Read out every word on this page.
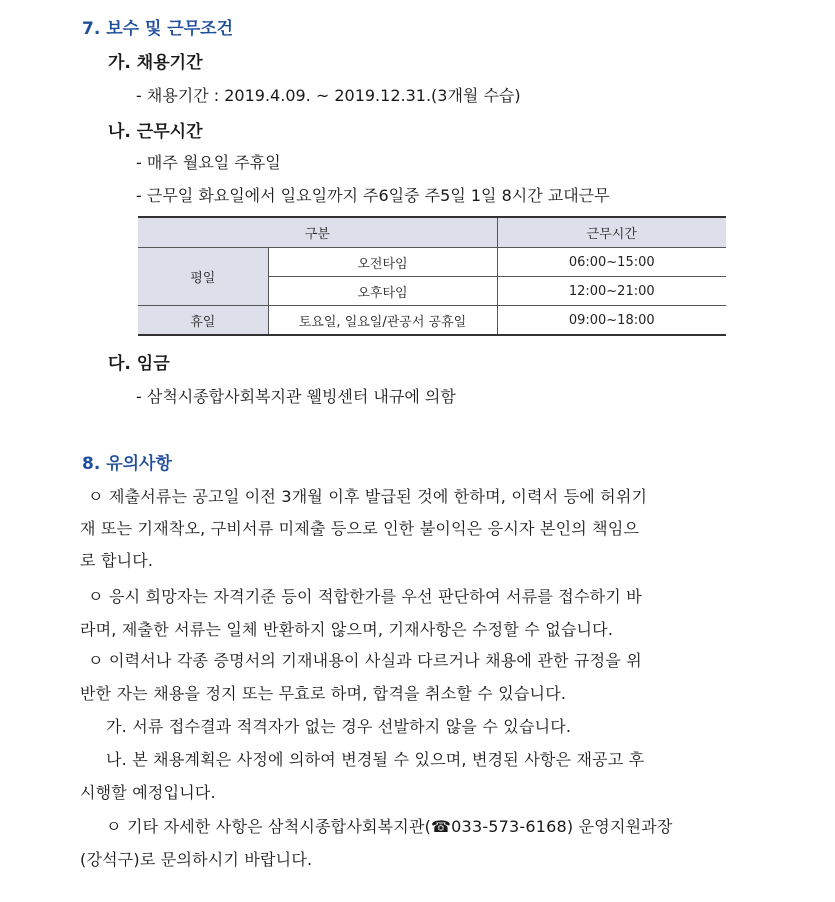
7. 보수 및 근무조건
가. 채용기간
- 채용기간 : 2019.4.09. ~ 2019.12.31.(3개월 수습)
나. 근무시간
- 매주 월요일 주휴일
- 근무일 화요일에서 일요일까지 주6일중 주5일 1일 8시간 교대근무
구분		근무시간
평일	오전타임	06:00~15:00
	오후타임	12:00~21:00
휴일	토요일, 일요일/관공서 공휴일	09:00~18:00
다. 임금
- 삼척시종합사회복지관 웰빙센터 내규에 의함
8. 유의사항
ㅇ 제출서류는 공고일 이전 3개월 이후 발급된 것에 한하며, 이력서 등에 허위기
재 또는 기재착오, 구비서류 미제출 등으로 인한 불이익은 응시자 본인의 책임으
로 합니다.
ㅇ 응시 희망자는 자격기준 등이 적합한가를 우선 판단하여 서류를 접수하기 바
라며, 제출한 서류는 일체 반환하지 않으며, 기재사항은 수정할 수 없습니다.
ㅇ 이력서나 각종 증명서의 기재내용이 사실과 다르거나 채용에 관한 규정을 위
반한 자는 채용을 정지 또는 무효로 하며, 합격을 취소할 수 있습니다.
가. 서류 접수결과 적격자가 없는 경우 선발하지 않을 수 있습니다.
나. 본 채용계획은 사정에 의하여 변경될 수 있으며, 변경된 사항은 재공고 후
시행할 예정입니다.
ㅇ 기타 자세한 사항은 삼척시종합사회복지관(☎033-573-6168) 운영지원과장
(강석구)로 문의하시기 바랍니다.
